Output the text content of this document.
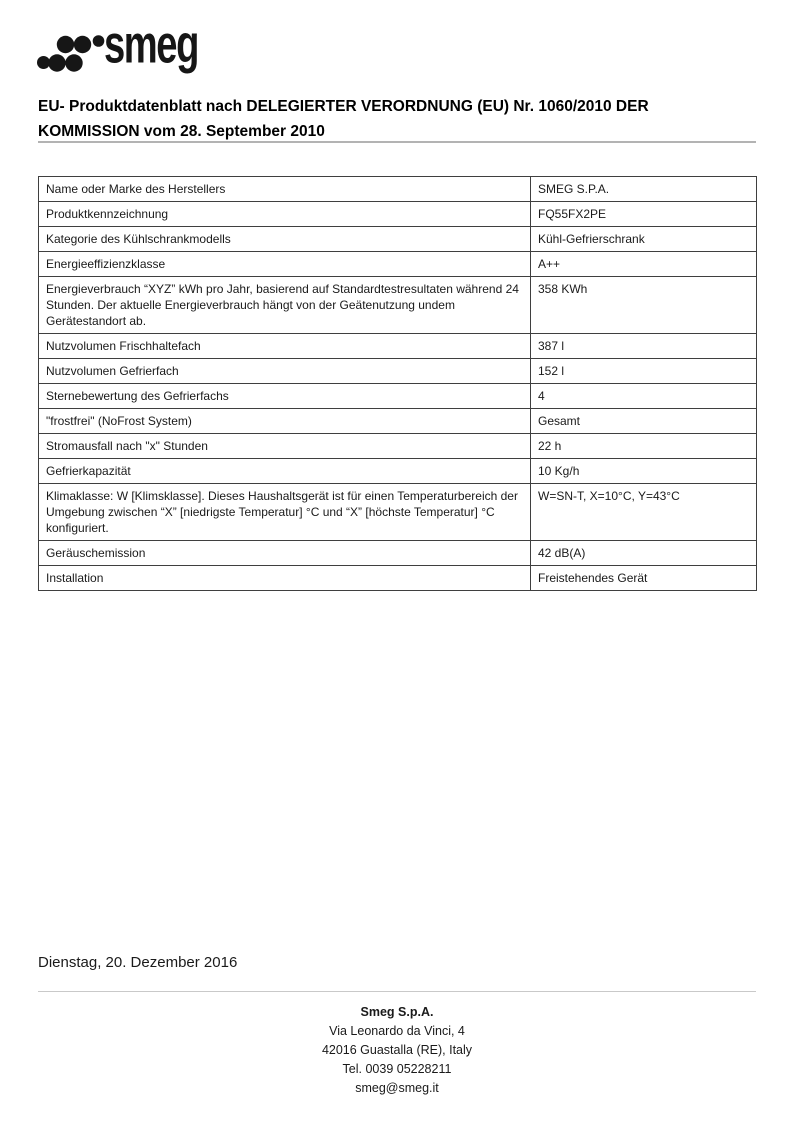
smeg
EU- Produktdatenblatt nach DELEGIERTER VERORDNUNG (EU) Nr. 1060/2010 DER
KOMMISSION vom 28. September 2010
Name oder Marke des Herstellers	SMEG S.P.A.
Produktkennzeichnung	FQ55FX2PE
Kategorie des Kühlschrankmodells	Kühl-Gefrierschrank
Energieeffizienzklasse	A++
Energieverbrauch “XYZ” kWh pro Jahr, basierend auf Standardtestresultaten während 24 Stunden. Der aktuelle Energieverbrauch hängt von der Geätenutzung undem Gerätestandort ab.	358 KWh
Nutzvolumen Frischhaltefach	387 l
Nutzvolumen Gefrierfach	152 l
Sternebewertung des Gefrierfachs	4
"frostfrei" (NoFrost System)	Gesamt
Stromausfall nach "x" Stunden	22 h
Gefrierkapazität	10 Kg/h
Klimaklasse: W [Klimsklasse]. Dieses Haushaltsgerät ist für einen Temperaturbereich der Umgebung zwischen “X” [niedrigste Temperatur] °C und “X” [höchste Temperatur] °C konfiguriert.	W=SN-T, X=10°C, Y=43°C
Geräuschemission	42 dB(A)
Installation	Freistehendes Gerät
Dienstag, 20. Dezember 2016
Smeg S.p.A.
Via Leonardo da Vinci, 4
42016 Guastalla (RE), Italy
Tel. 0039 05228211
smeg@smeg.it
